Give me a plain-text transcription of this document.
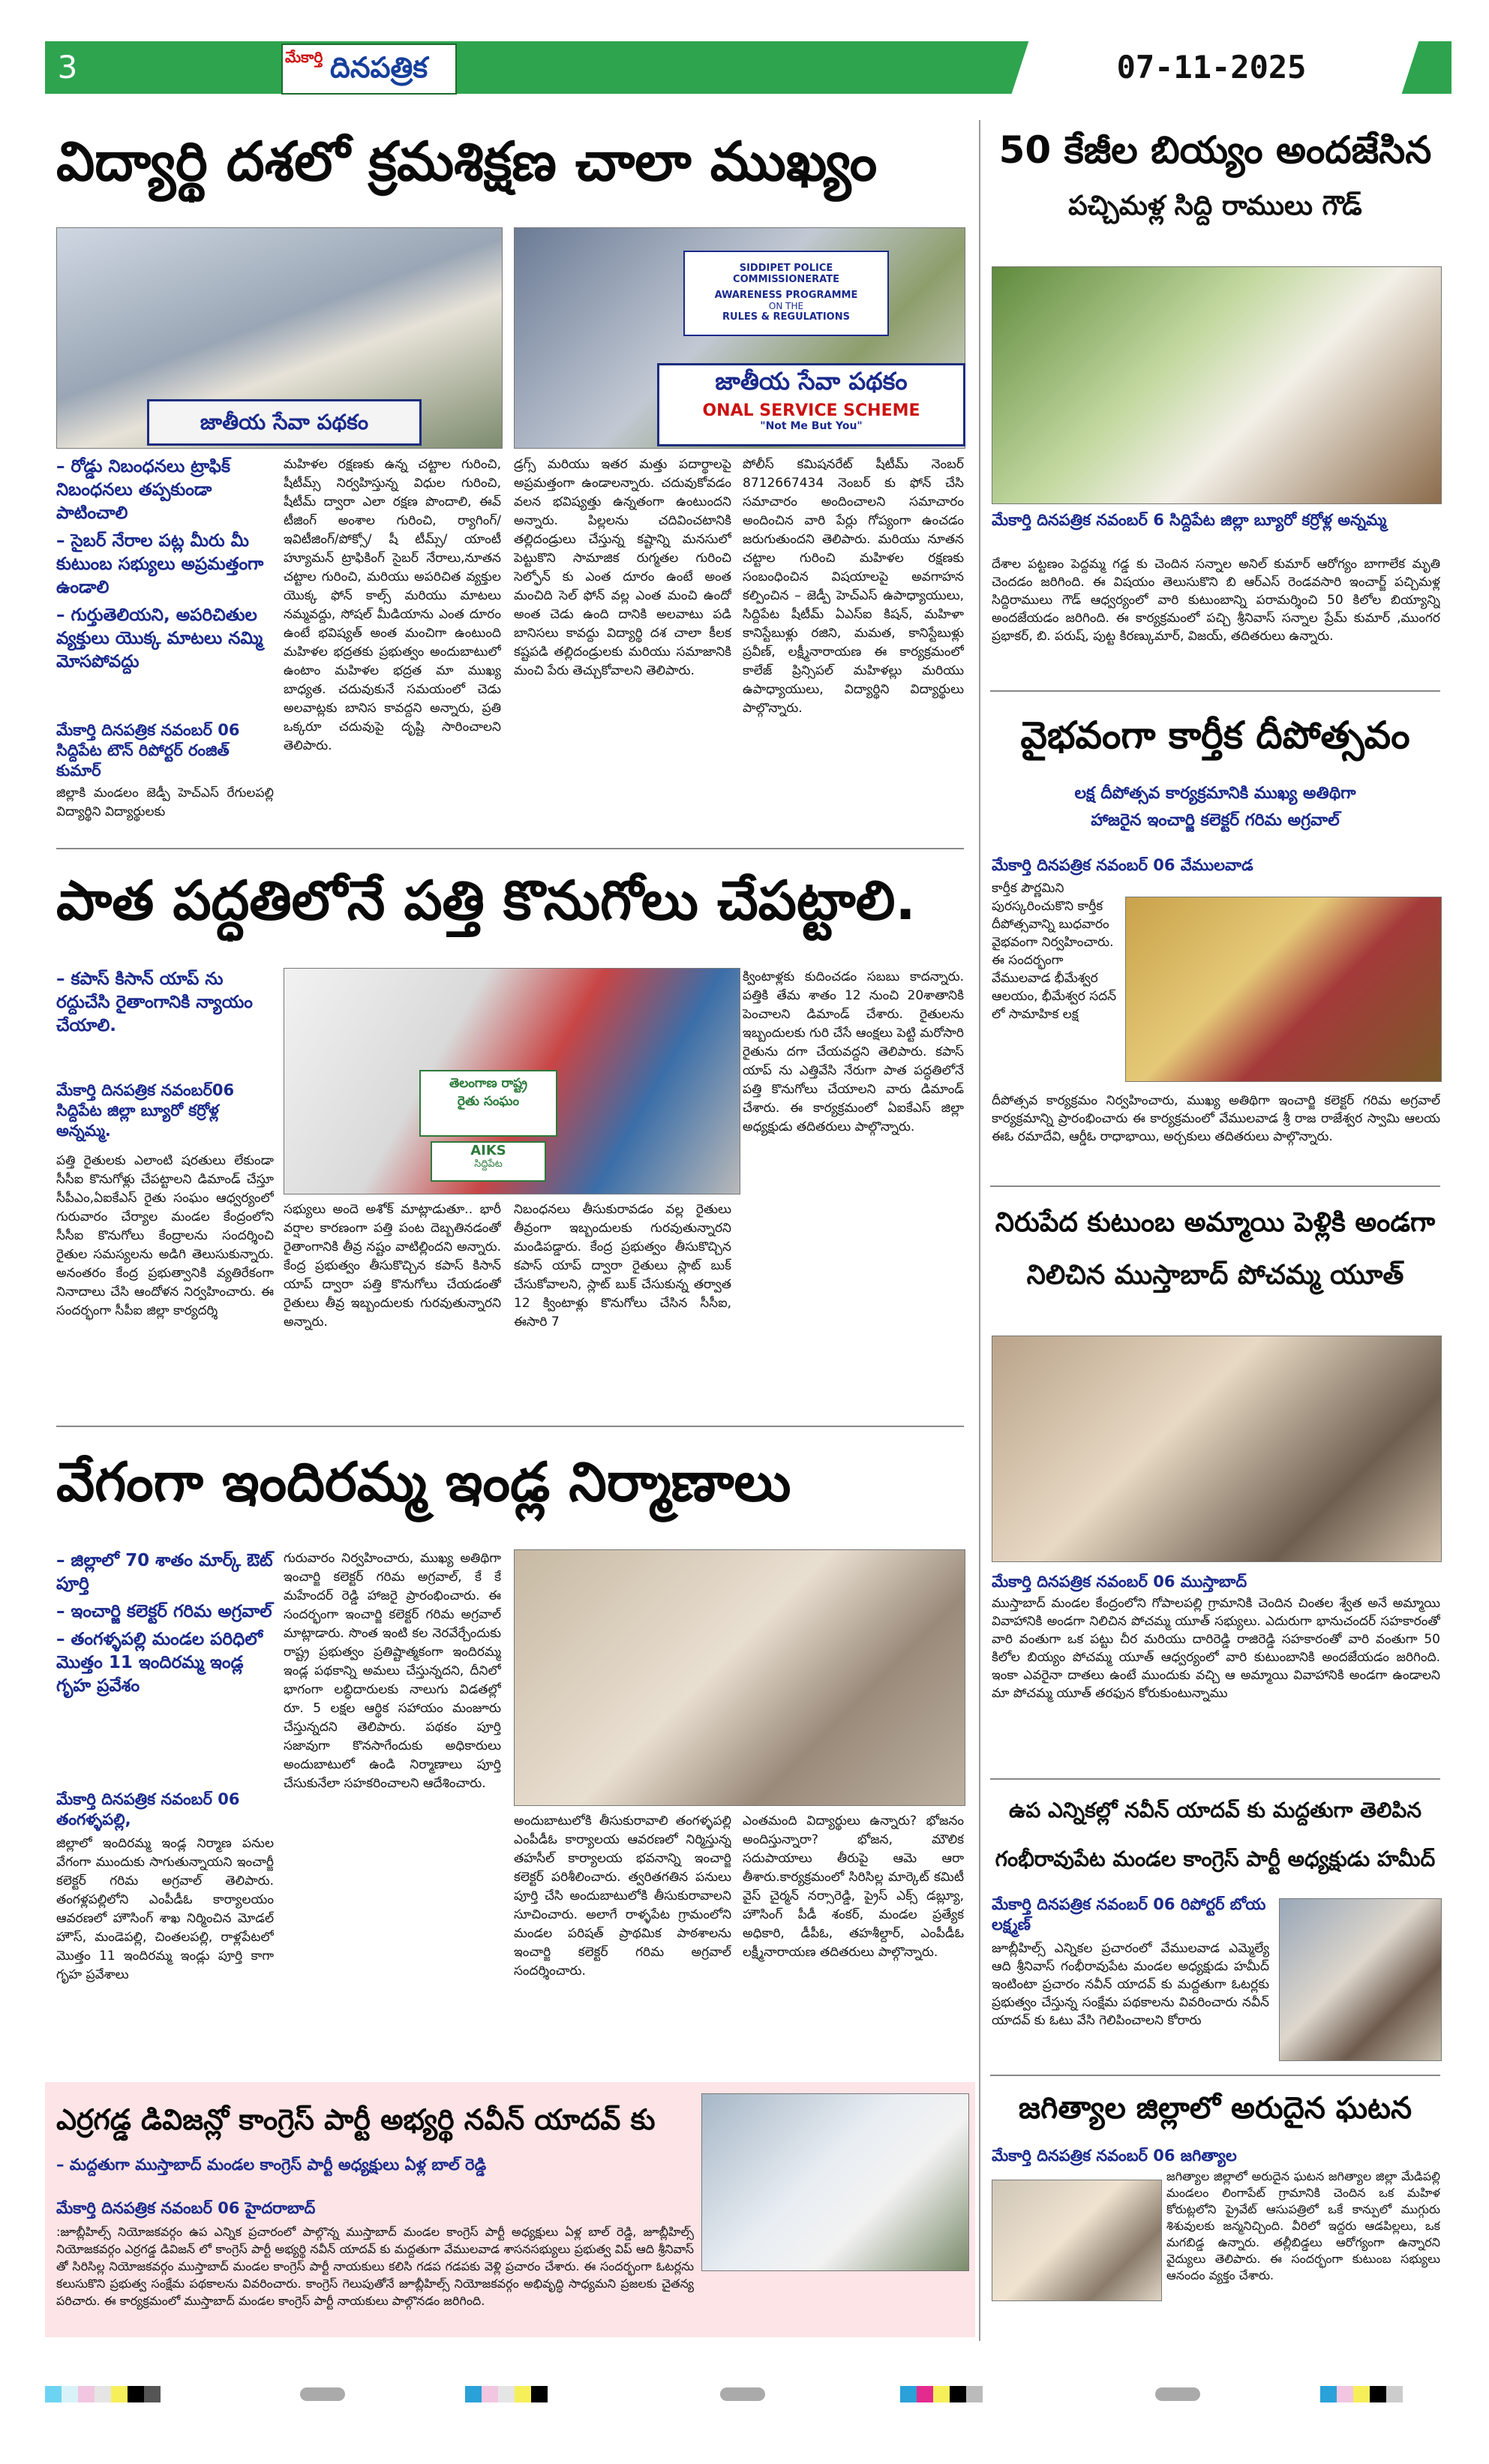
3	మేకార్తి దినపత్రిక	07-11-2025
విద్యార్థి దశలో క్రమశిక్షణ చాలా ముఖ్యం
జాతీయ సేవా పథకం
SIDDIPET POLICE COMMISSIONERATE
AWARENESS PROGRAMME
ON THE
RULES & REGULATIONS
జాతీయ సేవా పథకం
ONAL SERVICE SCHEME
"Not Me But You"
– రోడ్డు నిబంధనలు ట్రాఫిక్ నిబంధనలు తప్పకుండా పాటించాలి
– సైబర్ నేరాల పట్ల మీరు మీ కుటుంబ సభ్యులు అప్రమత్తంగా ఉండాలి
– గుర్తుతెలియని, అపరిచితుల వ్యక్తులు యొక్క మాటలు నమ్మి మోసపోవద్దు
మేకార్తి దినపత్రిక నవంబర్ 06 సిద్దిపేట టౌన్ రిపోర్టర్ రంజిత్ కుమార్
జిల్లాకి మండలం జెడ్పీ హెచ్ఎస్ రేగులపల్లి విద్యార్థిని విద్యార్థులకు
మహిళల రక్షణకు ఉన్న చట్టాల గురించి, షీటీమ్స్ నిర్వహిస్తున్న విధుల గురించి, షీటీమ్ ద్వారా ఎలా రక్షణ పొందాలి, ఈవ్ టీజింగ్ అంశాల గురించి, ర్యాగింగ్/ఇవిటీజింగ్/పోక్సో/ షీ టీమ్స్/ యాంటీ హ్యూమన్ ట్రాఫికింగ్ సైబర్ నేరాలు,నూతన చట్టాల గురించి, మరియు అపరిచిత వ్యక్తుల యొక్క ఫోన్ కాల్స్ మరియు మాటలు నమ్మవద్దు, సోషల్ మీడియాను ఎంత దూరం ఉంటే భవిష్యత్ అంత మంచిగా ఉంటుంది మహిళల భద్రతకు ప్రభుత్వం అందుబాటులో ఉంటాం మహిళల భద్రత మా ముఖ్య బాధ్యత. చదువుకునే సమయంలో చెడు అలవాట్లకు బానిస కావద్దని అన్నారు, ప్రతి ఒక్కరూ చదువుపై దృష్టి సారించాలని తెలిపారు.
డ్రగ్స్ మరియు ఇతర మత్తు పదార్థాలపై అప్రమత్తంగా ఉండాలన్నారు. చదువుకోవడం వలన భవిష్యత్తు ఉన్నతంగా ఉంటుందని అన్నారు. పిల్లలను చదివించటానికి తల్లిదండ్రులు చేస్తున్న కష్టాన్ని మనసులో పెట్టుకొని సామాజిక రుగ్మతల గురించి సెల్ఫోన్ కు ఎంత దూరం ఉంటే అంత మంచిది సెల్ ఫోన్ వల్ల ఎంత మంచి ఉందో అంత చెడు ఉంది దానికి అలవాటు పడి బానిసలు కావద్దు విద్యార్థి దశ చాలా కీలక కష్టపడి తల్లిదండ్రులకు మరియు సమాజానికి మంచి పేరు తెచ్చుకోవాలని తెలిపారు.
పోలీస్ కమిషనరేట్ షీటీమ్ నెంబర్ 8712667434 నెంబర్ కు ఫోన్ చేసి సమాచారం అందించాలని సమాచారం అందించిన వారి పేర్లు గోప్యంగా ఉంచడం జరుగుతుందని తెలిపారు. మరియు నూతన చట్టాల గురించి మహిళల రక్షణకు సంబంధించిన విషయాలపై అవగాహన కల్పించిన – జెడ్పీ హెచ్ఎస్ ఉపాధ్యాయులు, సిద్దిపేట షీటీమ్ ఏఎస్ఐ కిషన్, మహిళా కానిస్టేబుళ్లు రజిని, మమత, కానిస్టేబుళ్లు ప్రవీణ్, లక్ష్మీనారాయణ ఈ కార్యక్రమంలో కాలేజ్ ప్రిన్సిపల్ మహిళల్లు మరియు ఉపాధ్యాయులు, విద్యార్థిని విద్యార్థులు పాల్గొన్నారు.
50 కేజీల బియ్యం అందజేసిన
పచ్చిమళ్ల సిద్ది రాములు గౌడ్
మేకార్తి దినపత్రిక నవంబర్ 6 సిద్దిపేట జిల్లా బ్యూరో కర్రోళ్ల అన్నమ్మ
దేశాల పట్టణం పెద్దమ్మ గడ్డ కు చెందిన సన్నాల అనిల్ కుమార్ ఆరోగ్యం బాగాలేక మృతి చెందడం జరిగింది. ఈ విషయం తెలుసుకొని బి ఆర్ఎస్ రెండవసారి ఇంచార్జ్ పచ్చిమళ్ల సిద్దిరాములు గౌడ్ ఆధ్వర్యంలో వారి కుటుంబాన్ని పరామర్శించి 50 కిలోల బియ్యాన్ని అందజేయడం జరిగింది. ఈ కార్యక్రమంలో పచ్చి శ్రీనివాస్ సన్నాల ప్రేమ్ కుమార్ ,ముంగర ప్రభాకర్, బి. పరుష్, పుట్ట కిరణ్కుమార్, విజయ్, తదితరులు ఉన్నారు.
వైభవంగా కార్తీక దీపోత్సవం
లక్ష దీపోత్సవ కార్యక్రమానికి ముఖ్య అతిథిగా
హాజరైన ఇంచార్జి కలెక్టర్ గరిమ అగ్రవాల్
మేకార్తి దినపత్రిక నవంబర్ 06 వేములవాడ
కార్తీక పౌర్ణమిని పురస్కరించుకొని కార్తీక దీపోత్సవాన్ని బుధవారం వైభవంగా నిర్వహించారు. ఈ సందర్భంగా వేములవాడ భీమేశ్వర ఆలయం, భీమేశ్వర సదన్ లో సామాహిక లక్ష
దీపోత్సవ కార్యక్రమం నిర్వహించారు, ముఖ్య అతిథిగా ఇంచార్జి కలెక్టర్ గరిమ అగ్రవాల్ కార్యక్రమాన్ని ప్రారంభించారు ఈ కార్యక్రమంలో వేములవాడ శ్రీ రాజ రాజేశ్వర స్వామి ఆలయ ఈఓ రమాదేవి, ఆర్డీఓ రాధాభాయి, అర్చకులు తదితరులు పాల్గొన్నారు.
పాత పద్ధతిలోనే పత్తి కొనుగోలు చేపట్టాలి.
– కపాస్ కిసాన్ యాప్ ను రద్దుచేసి రైతాంగానికి న్యాయం చేయాలి.
మేకార్తి దినపత్రిక నవంబర్06 సిద్దిపేట జిల్లా బ్యూరో కర్రోళ్ల అన్నమ్మ.
పత్తి రైతులకు ఎలాంటి షరతులు లేకుండా సీసీఐ కొనుగోళ్లు చేపట్టాలని డిమాండ్ చేస్తూ సీపీఎం,ఏఐకేఎస్ రైతు సంఘం ఆధ్వర్యంలో గురువారం చేర్యాల మండల కేంద్రంలోని సీసీఐ కొనుగోలు కేంద్రాలను సందర్శించి రైతుల సమస్యలను అడిగి తెలుసుకున్నారు. అనంతరం కేంద్ర ప్రభుత్వానికి వ్యతిరేకంగా నినాదాలు చేసి ఆందోళన నిర్వహించారు. ఈ సందర్భంగా సీపీఐ జిల్లా కార్యదర్శి
తెలంగాణ రాష్ట్ర
రైతు సంఘం
AIKS
సిద్దిపేట
సభ్యులు అందె అశోక్ మాట్లాడుతూ.. భారీ వర్షాల కారణంగా పత్తి పంట దెబ్బతినడంతో రైతాంగానికి తీవ్ర నష్టం వాటిల్లిందని అన్నారు. కేంద్ర ప్రభుత్వం తీసుకొచ్చిన కపాస్ కిసాన్ యాప్ ద్వారా పత్తి కొనుగోలు చేయడంతో రైతులు తీవ్ర ఇబ్బందులకు గురవుతున్నారని అన్నారు.
నిబంధనలు తీసుకురావడం వల్ల రైతులు తీవ్రంగా ఇబ్బందులకు గురవుతున్నారని మండిపడ్డారు. కేంద్ర ప్రభుత్వం తీసుకొచ్చిన కపాస్ యాప్ ద్వారా రైతులు స్లాట్ బుక్ చేసుకోవాలని, స్లాట్ బుక్ చేసుకున్న తర్వాత 12 క్వింటాళ్లు కొనుగోలు చేసిన సీసీఐ, ఈసారి 7
క్వింటాళ్లకు కుదించడం సబబు కాదన్నారు. పత్తికి తేమ శాతం 12 నుంచి 20శాతానికి పెంచాలని డిమాండ్ చేశారు. రైతులను ఇబ్బందులకు గురి చేసే ఆంక్షలు పెట్టి మరోసారి రైతును దగా చేయవద్దని తెలిపారు. కపాస్ యాప్ ను ఎత్తివేసి నేరుగా పాత పద్ధతిలోనే పత్తి కొనుగోలు చేయాలని వారు డిమాండ్ చేశారు. ఈ కార్యక్రమంలో ఏఐకేఎస్ జిల్లా అధ్యక్షుడు తదితరులు పాల్గొన్నారు.
నిరుపేద కుటుంబ అమ్మాయి పెళ్లికి అండగా
నిలిచిన ముస్తాబాద్ పోచమ్మ యూత్
మేకార్తి దినపత్రిక నవంబర్ 06 ముస్తాబాద్
ముస్తాబాద్ మండల కేంద్రంలోని గోపాలపల్లి గ్రామానికి చెందిన చింతల శ్వేత అనే అమ్మాయి వివాహానికి అండగా నిలిచిన పోచమ్మ యూత్ సభ్యులు. ఎదురుగా భానుచందర్ సహకారంతో వారి వంతుగా ఒక పట్టు చీర మరియు దారిరెడ్డి రాజిరెడ్డి సహకారంతో వారి వంతుగా 50 కిలోల బియ్యం పోచమ్మ యూత్ ఆధ్వర్యంలో వారి కుటుంబానికి అందజేయడం జరిగింది. ఇంకా ఎవరైనా దాతలు ఉంటే ముందుకు వచ్చి ఆ అమ్మాయి వివాహానికి అండగా ఉండాలని మా పోచమ్మ యూత్ తరఫున కోరుకుంటున్నాము
వేగంగా ఇందిరమ్మ ఇండ్ల నిర్మాణాలు
– జిల్లాలో 70 శాతం మార్క్ ఔట్ పూర్తి
– ఇంచార్జి కలెక్టర్ గరిమ అగ్రవాల్
– తంగళ్ళపల్లి మండల పరిధిలో మొత్తం 11 ఇందిరమ్మ ఇండ్ల గృహ ప్రవేశం
మేకార్తి దినపత్రిక నవంబర్ 06 తంగళ్ళపల్లి,
జిల్లాలో ఇందిరమ్మ ఇండ్ల నిర్మాణ పనుల వేగంగా ముందుకు సాగుతున్నాయని ఇంచార్జీ కలెక్టర్ గరిమ అగ్రవాల్ తెలిపారు. తంగళ్లపల్లిలోని ఎంపీడీఓ కార్యాలయం ఆవరణలో హౌసింగ్ శాఖ నిర్మించిన మోడల్ హౌస్, మండెపల్లి, చింతలపల్లి, రాళ్లపేటలో మొత్తం 11 ఇందిరమ్మ ఇండ్లు పూర్తి కాగా గృహ ప్రవేశాలు
గురువారం నిర్వహించారు, ముఖ్య అతిథిగా ఇంచార్జి కలెక్టర్ గరిమ అగ్రవాల్, కే కే మహేందర్ రెడ్డి హాజరై ప్రారంభించారు. ఈ సందర్భంగా ఇంచార్జి కలెక్టర్ గరిమ అగ్రవాల్ మాట్లాడారు. సొంత ఇంటి కల నెరవేర్చేందుకు రాష్ట్ర ప్రభుత్వం ప్రతిష్టాత్మకంగా ఇందిరమ్మ ఇండ్ల పథకాన్ని అమలు చేస్తున్నదని, దీనిలో భాగంగా లబ్ధిదారులకు నాలుగు విడతల్లో రూ. 5 లక్షల ఆర్థిక సహాయం మంజూరు చేస్తున్నదని తెలిపారు. పథకం పూర్తి సజావుగా కొనసాగేందుకు అధికారులు అందుబాటులో ఉండి నిర్మాణాలు పూర్తి చేసుకునేలా సహకరించాలని ఆదేశించారు.
అందుబాటులోకి తీసుకురావాలి తంగళ్ళపల్లి ఎంపీడీఓ కార్యాలయ ఆవరణలో నిర్మిస్తున్న తహసీల్ కార్యాలయ భవనాన్ని ఇంచార్జి కలెక్టర్ పరిశీలించారు. త్వరితగతిన పనులు పూర్తి చేసి అందుబాటులోకి తీసుకురావాలని సూచించారు. అలాగే రాళ్ళపేట గ్రామంలోని మండల పరిషత్ ప్రాథమిక పాఠశాలను ఇంచార్జి కలెక్టర్ గరిమ అగ్రవాల్ సందర్శించారు.
ఎంతమంది విద్యార్థులు ఉన్నారు? భోజనం అందిస్తున్నారా? భోజన, మౌలిక సదుపాయాలు తీరుపై ఆమె ఆరా తీశారు.కార్యక్రమంలో సిరిసిల్ల మార్కెట్ కమిటీ వైస్ చైర్మన్ నర్సారెడ్డి, ప్రైస్ ఎక్స్ డబ్ల్యూ, హౌసింగ్ పీడీ శంకర్, మండల ప్రత్యేక అధికారి, డీపీఓ, తహశీల్దార్, ఎంపీడీఓ లక్ష్మీనారాయణ తదితరులు పాల్గొన్నారు.
ఉప ఎన్నికల్లో నవీన్ యాదవ్ కు మద్దతుగా తెలిపిన
గంభీరావుపేట మండల కాంగ్రెస్ పార్టీ అధ్యక్షుడు హమీద్
మేకార్తి దినపత్రిక నవంబర్ 06 రిపోర్టర్ బోయ లక్ష్మణ్
జూబ్లీహిల్స్ ఎన్నికల ప్రచారంలో వేములవాడ ఎమ్మెల్యే ఆది శ్రీనివాస్ గంభీరావుపేట మండల అధ్యక్షుడు హమీద్ ఇంటింటా ప్రచారం నవీన్ యాదవ్ కు మద్దతుగా ఓటర్లకు ప్రభుత్వం చేస్తున్న సంక్షేమ పథకాలను వివరించారు నవీన్ యాదవ్ కు ఓటు వేసి గెలిపించాలని కోరారు
ఎర్రగడ్డ డివిజన్లో కాంగ్రెస్ పార్టీ అభ్యర్థి నవీన్ యాదవ్ కు
– మద్దతుగా ముస్తాబాద్ మండల కాంగ్రెస్ పార్టీ అధ్యక్షులు ఏళ్ల బాల్ రెడ్డి
మేకార్తి దినపత్రిక నవంబర్ 06 హైదరాబాద్
:జూబ్లీహిల్స్ నియోజకవర్గం ఉప ఎన్నిక ప్రచారంలో పాల్గొన్న ముస్తాబాద్ మండల కాంగ్రెస్ పార్టీ అధ్యక్షులు ఏళ్ల బాల్ రెడ్డి, జూబ్లీహిల్స్ నియోజకవర్గం ఎర్రగడ్డ డివిజన్ లో కాంగ్రెస్ పార్టీ అభ్యర్థి నవీన్ యాదవ్ కు మద్దతుగా వేములవాడ శాసనసభ్యులు ప్రభుత్వ విప్ ఆది శ్రీనివాస్ తో సిరిసిల్ల నియోజకవర్గం ముస్తాబాద్ మండల కాంగ్రెస్ పార్టీ నాయకులు కలిసి గడప గడపకు వెళ్లి ప్రచారం చేశారు. ఈ సందర్భంగా ఓటర్లను కలుసుకొని ప్రభుత్వ సంక్షేమ పథకాలను వివరించారు. కాంగ్రెస్ గెలుపుతోనే జూబ్లీహిల్స్ నియోజకవర్గం అభివృద్ధి సాధ్యమని ప్రజలకు చైతన్య పరిచారు. ఈ కార్యక్రమంలో ముస్తాబాద్ మండల కాంగ్రెస్ పార్టీ నాయకులు పాల్గొనడం జరిగింది.
జగిత్యాల జిల్లాలో అరుదైన ఘటన
మేకార్తి దినపత్రిక నవంబర్ 06 జగిత్యాల
జగిత్యాల జిల్లాలో అరుదైన ఘటన జగిత్యాల జిల్లా మేడిపల్లి మండలం లింగాపేట్ గ్రామానికి చెందిన ఒక మహిళ కోరుట్లలోని ప్రైవేట్ ఆసుపత్రిలో ఒకే కాన్పులో ముగ్గురు శిశువులకు జన్మనిచ్చింది. వీరిలో ఇద్దరు ఆడపిల్లలు, ఒక మగబిడ్డ ఉన్నారు. తల్లీబిడ్డలు ఆరోగ్యంగా ఉన్నారని వైద్యులు తెలిపారు. ఈ సందర్భంగా కుటుంబ సభ్యులు ఆనందం వ్యక్తం చేశారు.
